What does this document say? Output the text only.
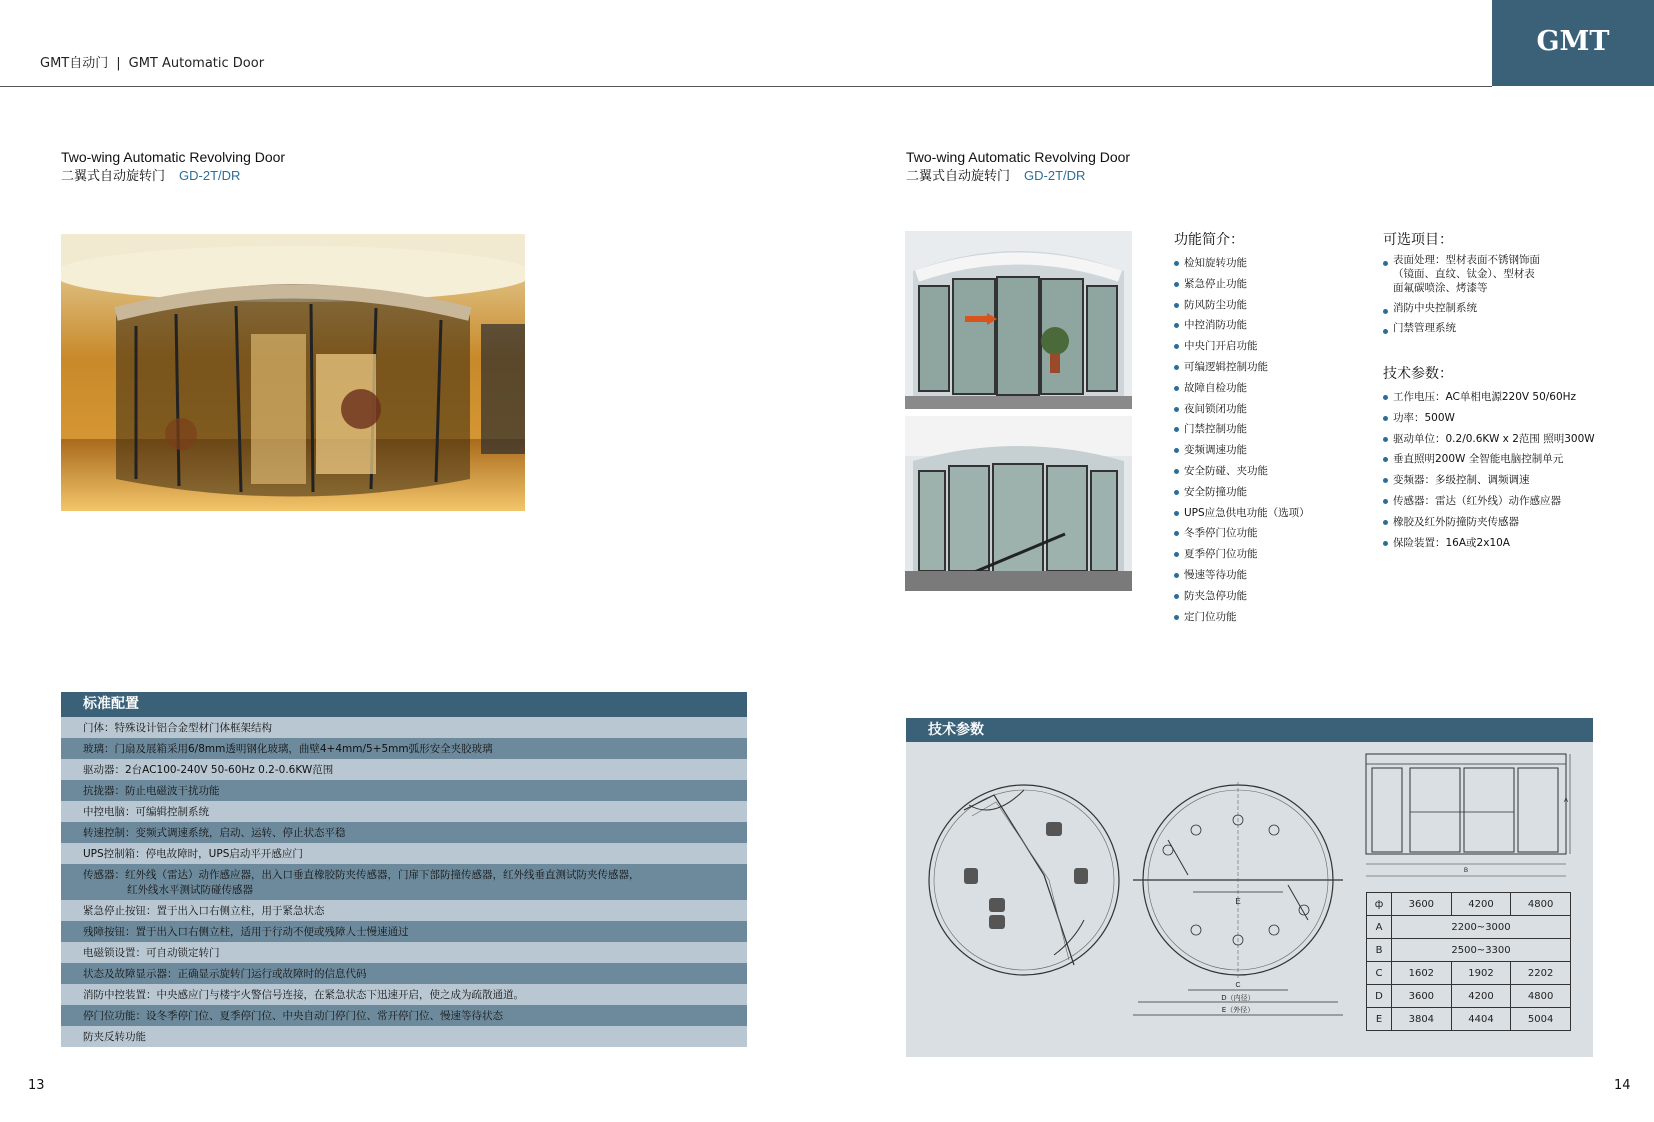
GMT自动门 | GMT Automatic Door
GMT
Two-wing Automatic Revolving Door
二翼式自动旋转门 GD-2T/DR
标准配置
门体：特殊设计铝合金型材门体框架结构
玻璃：门扇及展箱采用6/8mm透明钢化玻璃，曲壁4+4mm/5+5mm弧形安全夹胶玻璃
驱动器：2台AC100-240V 50-60Hz 0.2-0.6KW范围
抗拢器：防止电磁波干扰功能
中控电脑：可编辑控制系统
转速控制：变频式调速系统，启动、运转、停止状态平稳
UPS控制箱：停电故障时，UPS启动平开感应门
传感器：红外线（雷达）动作感应器，出入口垂直橡胶防夹传感器，门扉下部防撞传感器，红外线垂直测试防夹传感器，
红外线水平测试防碰传感器
紧急停止按钮：置于出入口右侧立柱，用于紧急状态
残障按钮：置于出入口右侧立柱，适用于行动不便或残障人士慢速通过
电磁锁设置：可自动锁定转门
状态及故障显示器：正确显示旋转门运行或故障时的信息代码
消防中控装置：中央感应门与楼宇火警信号连接，在紧急状态下迅速开启，使之成为疏散通道。
停门位功能：设冬季停门位、夏季停门位、中央自动门停门位、常开停门位、慢速等待状态
防夹反转功能
13
Two-wing Automatic Revolving Door
二翼式自动旋转门 GD-2T/DR
功能简介：
检知旋转功能
紧急停止功能
防风防尘功能
中控消防功能
中央门开启功能
可编逻辑控制功能
故障自检功能
夜间锁闭功能
门禁控制功能
变频调速功能
安全防碰、夹功能
安全防撞功能
UPS应急供电功能（选项）
冬季停门位功能
夏季停门位功能
慢速等待功能
防夹急停功能
定门位功能
可选项目：
表面处理：型材表面不锈钢饰面
（镜面、直纹、钛金）、型材表
面氟碳喷涂、烤漆等
消防中央控制系统
门禁管理系统
技术参数：
工作电压：AC单相电源220V 50/60Hz
功率：500W
驱动单位：0.2/0.6KW x 2范围 照明300W
垂直照明200W 全智能电脑控制单元
变频器：多级控制、调频调速
传感器：雷达（红外线）动作感应器
橡胶及红外防撞防夹传感器
保险装置：16A或2x10A
技术参数
E
C
D（内径）
E（外径）
A
B
ф	3600	4200	4800
A	2200~3000		
B	2500~3300		
C	1602	1902	2202
D	3600	4200	4800
E	3804	4404	5004
14
